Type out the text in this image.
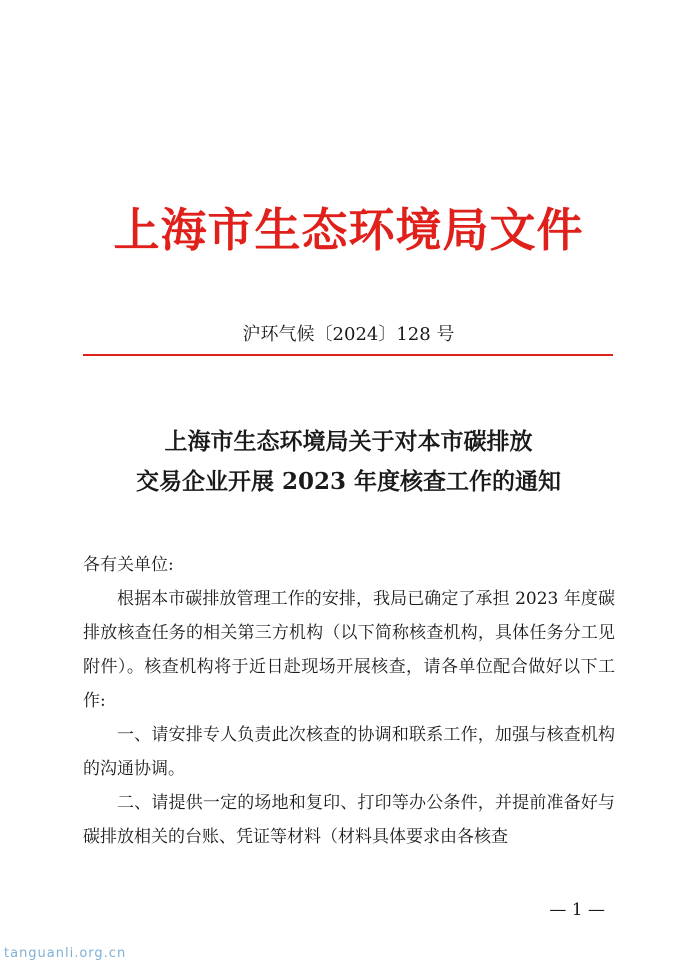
上海市生态环境局文件
沪环气候〔2024〕128 号
上海市生态环境局关于对本市碳排放
交易企业开展 2023 年度核查工作的通知

各有关单位:

根据本市碳排放管理工作的安排，我局已确定了承担 2023 年度碳排放核查任务的相关第三方机构（以下简称核查机构，具体任务分工见附件）。核查机构将于近日赴现场开展核查，请各单位配合做好以下工作:

一、请安排专人负责此次核查的协调和联系工作，加强与核查机构的沟通协调。

二、请提供一定的场地和复印、打印等办公条件，并提前准备好与碳排放相关的台账、凭证等材料（材料具体要求由各核查

— 1 —
tanguanli.org.cn
